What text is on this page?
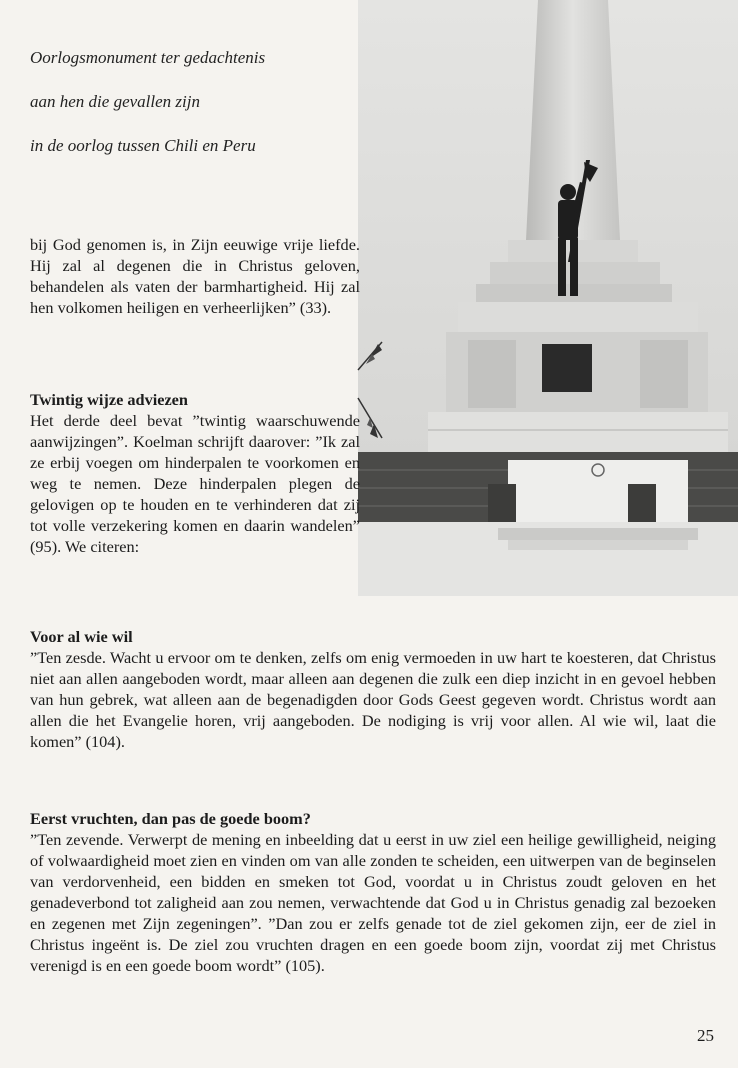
Oorlogsmonument ter gedachtenis
aan hen die gevallen zijn
in de oorlog tussen Chili en Peru
bij God genomen is, in Zijn eeuwige vrije liefde. Hij zal al degenen die in Christus geloven, behandelen als vaten der barmhartigheid. Hij zal hen volkomen heiligen en verheerlijken” (33).
Twintig wijze adviezen
Het derde deel bevat ”twintig waarschuwende aanwijzingen”. Koelman schrijft daarover: ”Ik zal ze erbij voegen om hinderpalen te voorkomen en weg te nemen. Deze hinderpalen plegen de gelovigen op te houden en te verhinderen dat zij tot volle verzekering komen en daarin wandelen” (95). We citeren:
Voor al wie wil
”Ten zesde. Wacht u ervoor om te denken, zelfs om enig vermoeden in uw hart te koesteren, dat Christus niet aan allen aangeboden wordt, maar alleen aan degenen die zulk een diep inzicht in en gevoel hebben van hun gebrek, wat alleen aan de begenadigden door Gods Geest gegeven wordt. Christus wordt aan allen die het Evangelie horen, vrij aangeboden. De nodiging is vrij voor allen. Al wie wil, laat die komen” (104).
Eerst vruchten, dan pas de goede boom?
”Ten zevende. Verwerpt de mening en inbeelding dat u eerst in uw ziel een heilige gewilligheid, neiging of volwaardigheid moet zien en vinden om van alle zonden te scheiden, een uitwerpen van de beginselen van verdorvenheid, een bidden en smeken tot God, voordat u in Christus zoudt geloven en het genadeverbond tot zaligheid aan zou nemen, verwachtende dat God u in Christus genadig zal bezoeken en zegenen met Zijn zegeningen”. ”Dan zou er zelfs genade tot de ziel gekomen zijn, eer de ziel in Christus ingeënt is. De ziel zou vruchten dragen en een goede boom zijn, voordat zij met Christus verenigd is en een goede boom wordt” (105).
25
